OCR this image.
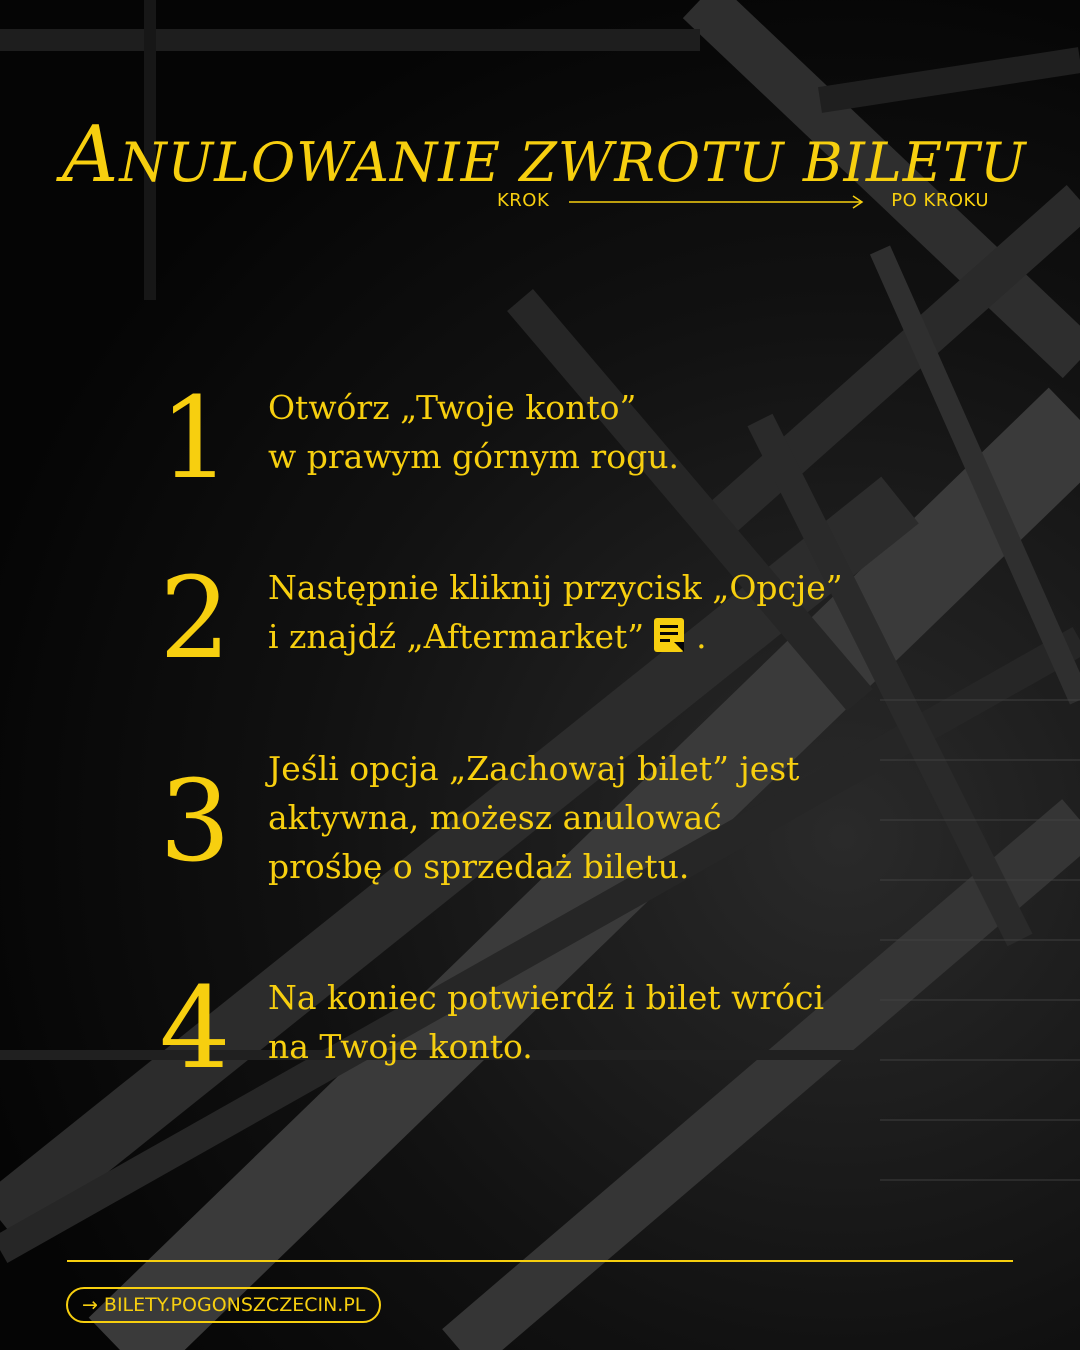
ANULOWANIE ZWROTU BILETU
KROK	PO KROKU
1	Otwórz „Twoje konto”
w prawym górnym rogu.
2	Następnie kliknij przycisk „Opcje”
i znajdź „Aftermarket” .
3	Jeśli opcja „Zachowaj bilet” jest
aktywna, możesz anulować
prośbę o sprzedaż biletu.
4	Na koniec potwierdź i bilet wróci
na Twoje konto.
→ BILETY.POGONSZCZECIN.PL
